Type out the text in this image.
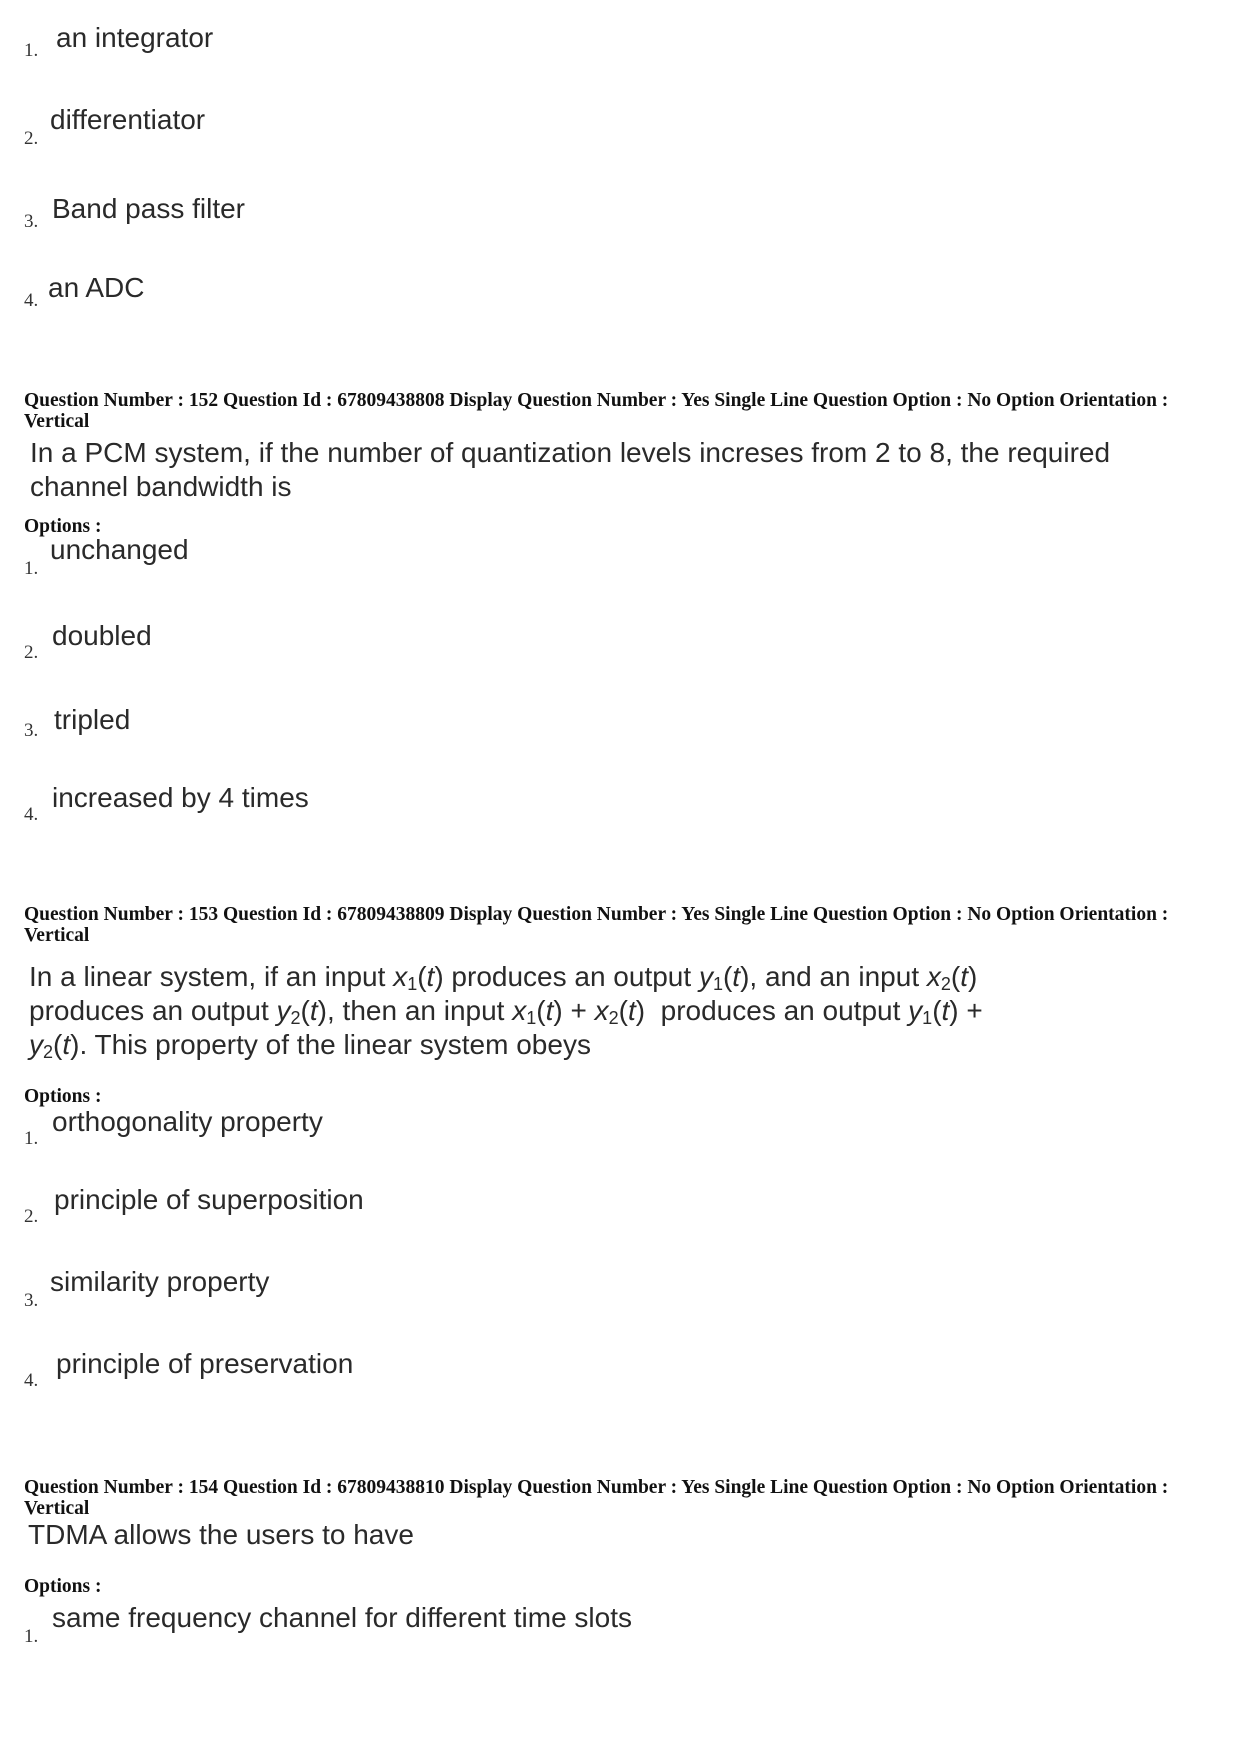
1. an integrator
2.
differentiator
3. Band pass filter
4. an ADC
Question Number : 152 Question Id : 67809438808 Display Question Number : Yes Single Line Question Option : No Option Orientation : Vertical
In a PCM system, if the number of quantization levels increses from 2 to 8, the required channel bandwidth is
Options :
1.
unchanged
2.
doubled
3. tripled
4.
increased by 4 times
Question Number : 153 Question Id : 67809438809 Display Question Number : Yes Single Line Question Option : No Option Orientation : Vertical
In a linear system, if an input $x_1(t)$ produces an output $y_1(t)$, and an input $x_2(t)$
produces an output $y_2(t)$, then an input $x_1(t) + x_2(t)$  produces an output $y_1(t)$ +
$y_2(t)$. This property of the linear system obeys
Options :
1.
orthogonality property
2.
principle of superposition
3.
similarity property
4.
principle of preservation
Question Number : 154 Question Id : 67809438810 Display Question Number : Yes Single Line Question Option : No Option Orientation : Vertical
TDMA allows the users to have
Options :
1.
same frequency channel for different time slots
